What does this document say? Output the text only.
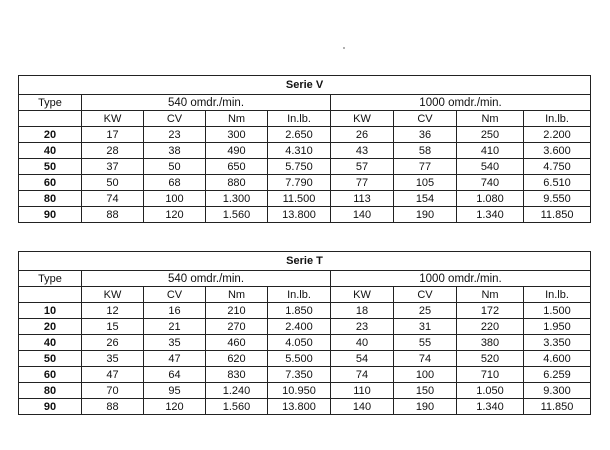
Serie V								
Type	540 omdr./min.				1000 omdr./min.			
	KW	CV	Nm	In.lb.	KW	CV	Nm	In.lb.
20	17	23	300	2.650	26	36	250	2.200
40	28	38	490	4.310	43	58	410	3.600
50	37	50	650	5.750	57	77	540	4.750
60	50	68	880	7.790	77	105	740	6.510
80	74	100	1.300	11.500	113	154	1.080	9.550
90	88	120	1.560	13.800	140	190	1.340	11.850
Serie T								
Type	540 omdr./min.				1000 omdr./min.			
	KW	CV	Nm	In.lb.	KW	CV	Nm	In.lb.
10	12	16	210	1.850	18	25	172	1.500
20	15	21	270	2.400	23	31	220	1.950
40	26	35	460	4.050	40	55	380	3.350
50	35	47	620	5.500	54	74	520	4.600
60	47	64	830	7.350	74	100	710	6.259
80	70	95	1.240	10.950	110	150	1.050	9.300
90	88	120	1.560	13.800	140	190	1.340	11.850
